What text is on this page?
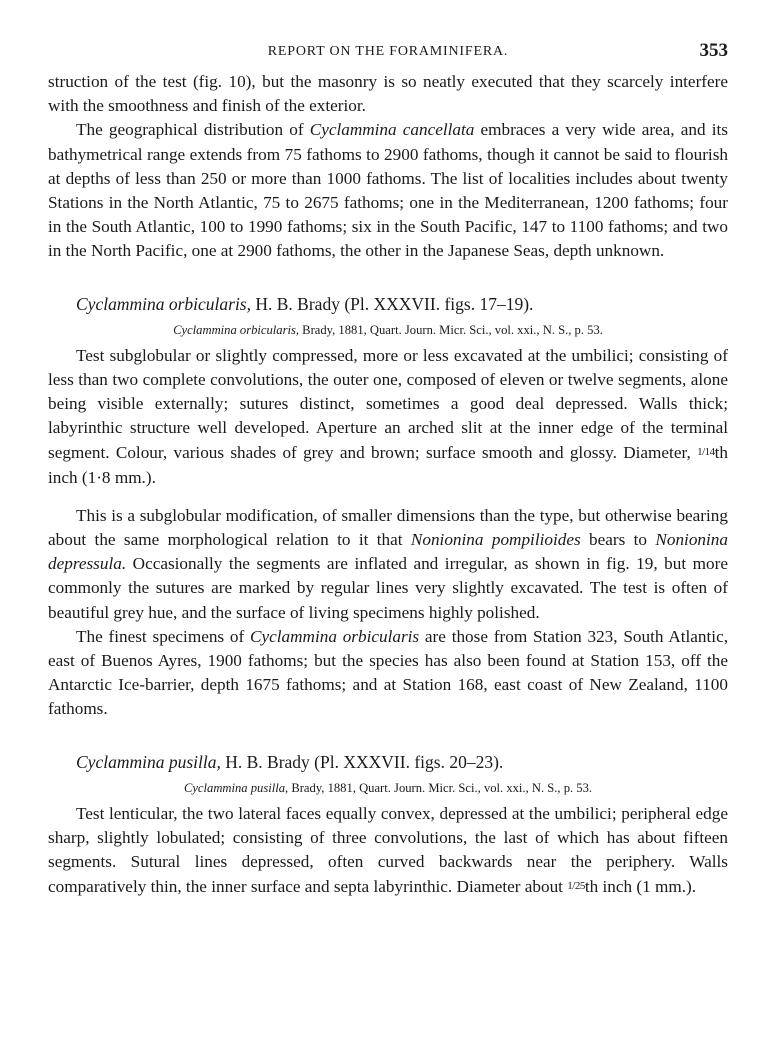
REPORT ON THE FORAMINIFERA.	353

struction of the test (fig. 10), but the masonry is so neatly executed that they scarcely interfere with the smoothness and finish of the exterior.

The geographical distribution of Cyclammina cancellata embraces a very wide area, and its bathymetrical range extends from 75 fathoms to 2900 fathoms, though it cannot be said to flourish at depths of less than 250 or more than 1000 fathoms. The list of localities includes about twenty Stations in the North Atlantic, 75 to 2675 fathoms; one in the Mediterranean, 1200 fathoms; four in the South Atlantic, 100 to 1990 fathoms; six in the South Pacific, 147 to 1100 fathoms; and two in the North Pacific, one at 2900 fathoms, the other in the Japanese Seas, depth unknown.

Cyclammina orbicularis, H. B. Brady (Pl. XXXVII. figs. 17–19).
Cyclammina orbicularis, Brady, 1881, Quart. Journ. Micr. Sci., vol. xxi., N. S., p. 53.

Test subglobular or slightly compressed, more or less excavated at the umbilici; consisting of less than two complete convolutions, the outer one, composed of eleven or twelve segments, alone being visible externally; sutures distinct, sometimes a good deal depressed. Walls thick; labyrinthic structure well developed. Aperture an arched slit at the inner edge of the terminal segment. Colour, various shades of grey and brown; surface smooth and glossy. Diameter, 1/14th inch (1·8 mm.).

This is a subglobular modification, of smaller dimensions than the type, but otherwise bearing about the same morphological relation to it that Nonionina pompilioides bears to Nonionina depressula. Occasionally the segments are inflated and irregular, as shown in fig. 19, but more commonly the sutures are marked by regular lines very slightly excavated. The test is often of beautiful grey hue, and the surface of living specimens highly polished.

The finest specimens of Cyclammina orbicularis are those from Station 323, South Atlantic, east of Buenos Ayres, 1900 fathoms; but the species has also been found at Station 153, off the Antarctic Ice-barrier, depth 1675 fathoms; and at Station 168, east coast of New Zealand, 1100 fathoms.

Cyclammina pusilla, H. B. Brady (Pl. XXXVII. figs. 20–23).
Cyclammina pusilla, Brady, 1881, Quart. Journ. Micr. Sci., vol. xxi., N. S., p. 53.

Test lenticular, the two lateral faces equally convex, depressed at the umbilici; peripheral edge sharp, slightly lobulated; consisting of three convolutions, the last of which has about fifteen segments. Sutural lines depressed, often curved backwards near the periphery. Walls comparatively thin, the inner surface and septa labyrinthic. Diameter about 1/25th inch (1 mm.).
